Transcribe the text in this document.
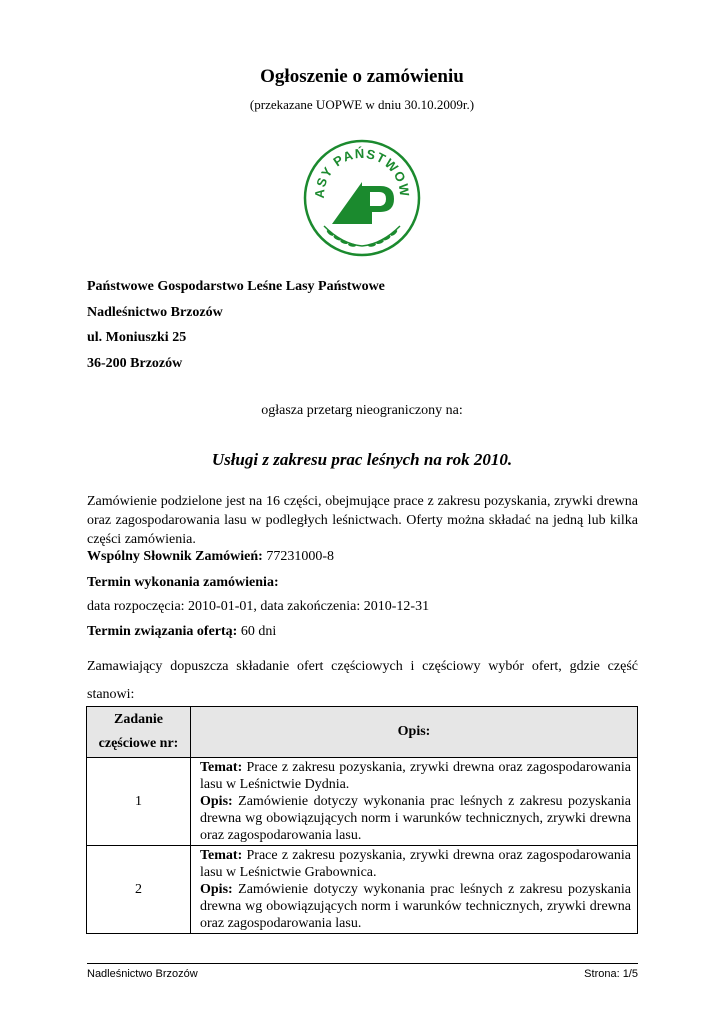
Ogłoszenie o zamówieniu
(przekazane UOPWE w dniu 30.10.2009r.)
ASY PAŃSTWOW
Państwowe Gospodarstwo Leśne Lasy Państwowe
Nadleśnictwo Brzozów
ul. Moniuszki 25
36-200 Brzozów
ogłasza przetarg nieograniczony na:
Usługi z zakresu prac leśnych na rok 2010.
Zamówienie podzielone jest na 16 części, obejmujące prace z zakresu pozyskania, zrywki drewna oraz zagospodarowania lasu w podległych leśnictwach. Oferty można składać na jedną lub kilka części zamówienia.
Wspólny Słownik Zamówień: 77231000-8
Termin wykonania zamówienia:
data rozpoczęcia: 2010-01-01, data zakończenia: 2010-12-31
Termin związania ofertą: 60 dni
Zamawiający dopuszcza składanie ofert częściowych i częściowy wybór ofert, gdzie część stanowi:
Zadanie
częściowe nr:	Opis:
1	Temat: Prace z zakresu pozyskania, zrywki drewna oraz zagospodarowania lasu w Leśnictwie Dydnia.
Opis: Zamówienie dotyczy wykonania prac leśnych z zakresu pozyskania drewna wg obowiązujących norm i warunków technicznych, zrywki drewna oraz zagospodarowania lasu.
2	Temat: Prace z zakresu pozyskania, zrywki drewna oraz zagospodarowania lasu w Leśnictwie Grabownica.
Opis: Zamówienie dotyczy wykonania prac leśnych z zakresu pozyskania drewna wg obowiązujących norm i warunków technicznych, zrywki drewna oraz zagospodarowania lasu.
Nadleśnictwo Brzozów	Strona: 1/5
